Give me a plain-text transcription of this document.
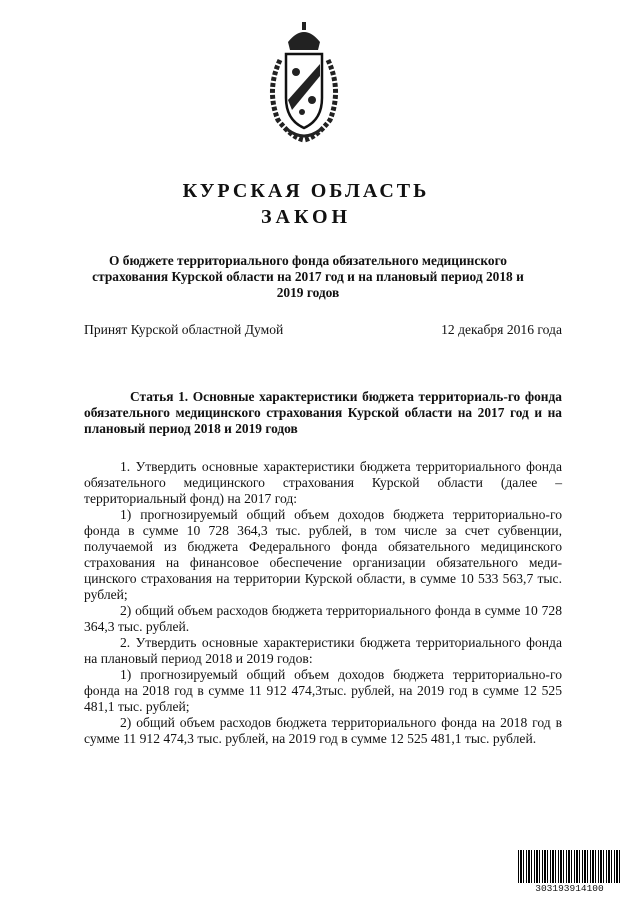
КУРСКАЯ ОБЛАСТЬ
ЗАКОН
О бюджете территориального фонда обязательного медицинского страхования Курской области на 2017 год и на плановый период 2018 и 2019 годов
Принят Курской областной Думой	12 декабря 2016 года
Статья 1. Основные характеристики бюджета территориаль-го фонда обязательного медицинского страхования Курской области на 2017 год и на плановый период 2018 и 2019 годов

1. Утвердить основные характеристики бюджета территориального фонда обязательного медицинского страхования Курской области (далее – территориальный фонд) на 2017 год:

1) прогнозируемый общий объем доходов бюджета территориально-го фонда в сумме 10 728 364,3 тыс. рублей, в том числе за счет субвенции, получаемой из бюджета Федерального фонда обязательного медицинского страхования на финансовое обеспечение организации обязательного меди-цинского страхования на территории Курской области, в сумме 10 533 563,7 тыс. рублей;

2) общий объем расходов бюджета территориального фонда в сумме 10 728 364,3 тыс. рублей.

2. Утвердить основные характеристики бюджета территориального фонда на плановый период 2018 и 2019 годов:

1) прогнозируемый общий объем доходов бюджета территориально-го фонда на 2018 год в сумме 11 912 474,3тыс. рублей, на 2019 год в сумме 12 525 481,1 тыс. рублей;

2) общий объем расходов бюджета территориального фонда на 2018 год в сумме 11 912 474,3 тыс. рублей, на 2019 год в сумме 12 525 481,1 тыс. рублей.

303193914100
